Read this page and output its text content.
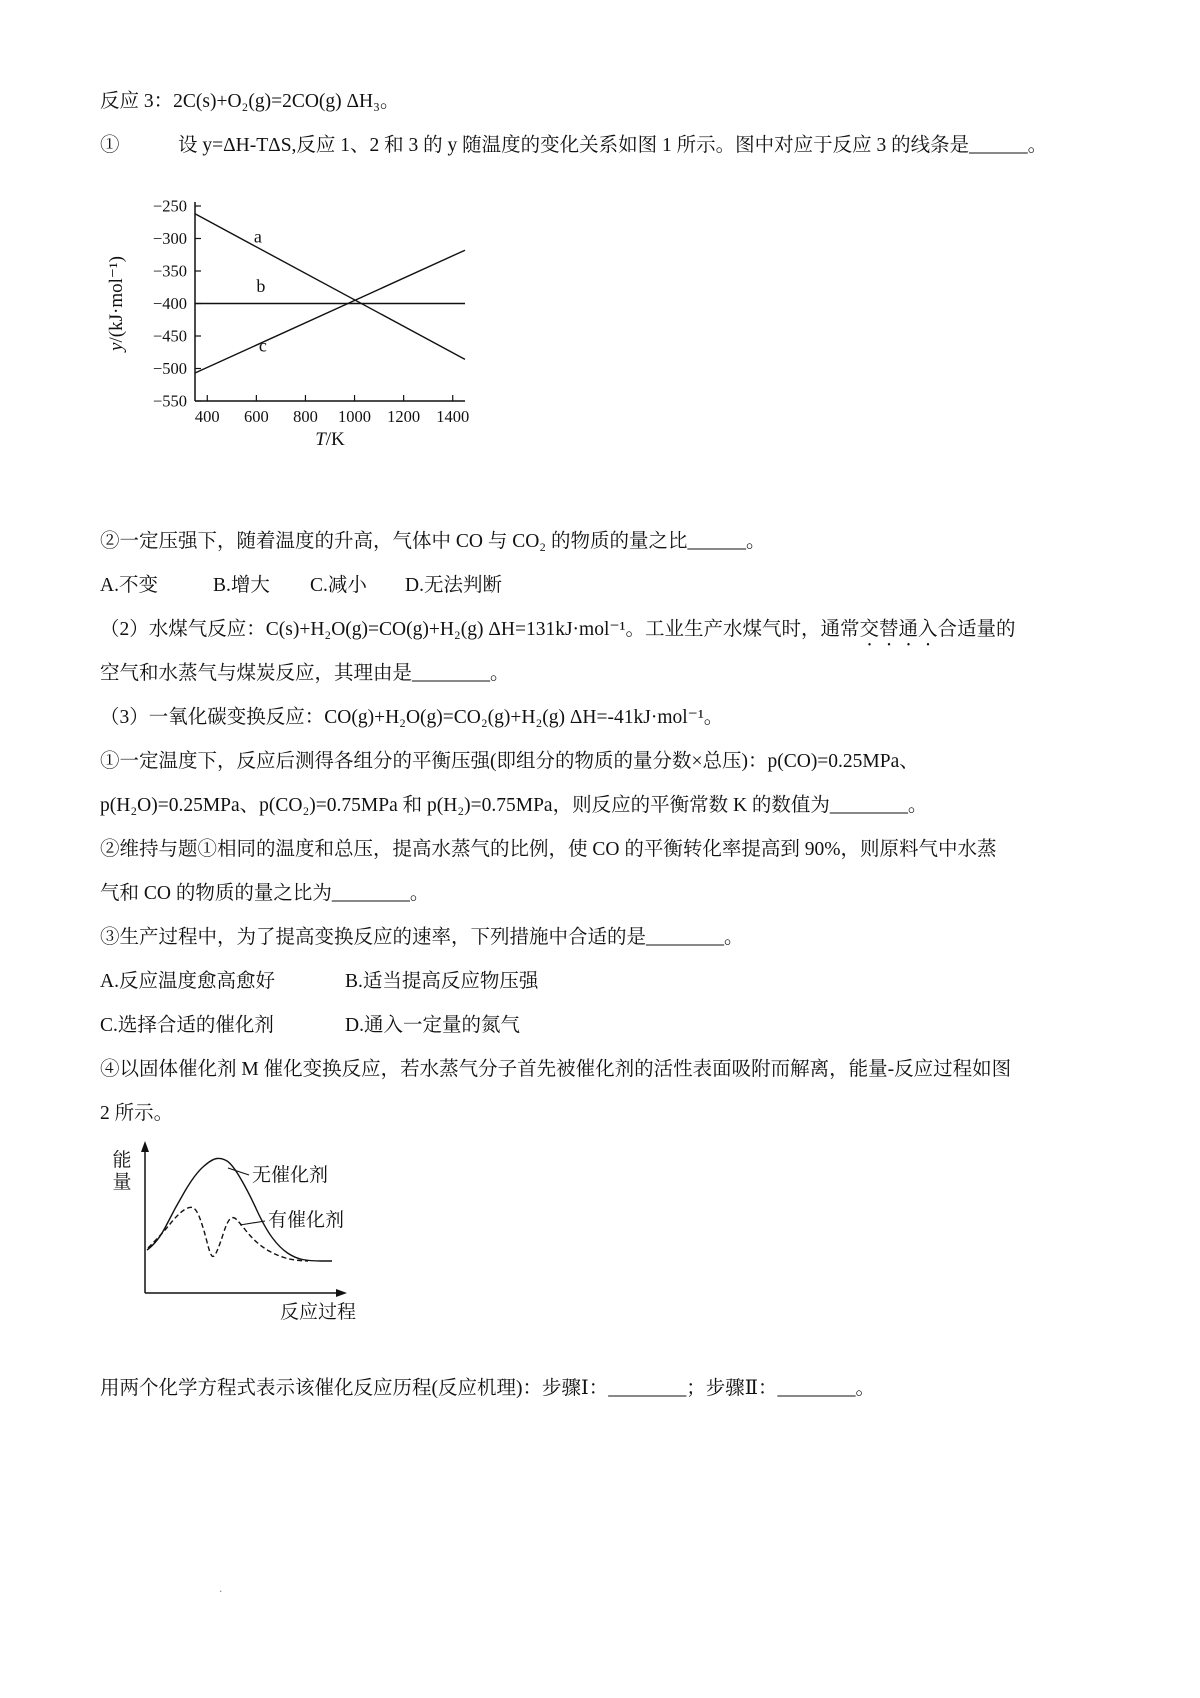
反应 3：2C(s)+O₂(g)=2CO(g) ΔH₃。

①　　　设 y=ΔH-TΔS,反应 1、2 和 3 的 y 随温度的变化关系如图 1 所示。图中对应于反应 3 的线条是______。

−250
−300
−350
−400
−450
−500
−550
400 600 800 1000 1200 1400
a
b
c
T/K
y/(kJ·mol⁻¹)

②一定压强下，随着温度的升高，气体中 CO 与 CO₂ 的物质的量之比______。

A.不变	B.增大	C.减小	D.无法判断

（2）水煤气反应：C(s)+H₂O(g)=CO(g)+H₂(g) ΔH=131kJ·mol⁻¹。工业生产水煤气时，通常交替通入合适量的

空气和水蒸气与煤炭反应，其理由是________。

（3）一氧化碳变换反应：CO(g)+H₂O(g)=CO₂(g)+H₂(g) ΔH=-41kJ·mol⁻¹。

①一定温度下，反应后测得各组分的平衡压强(即组分的物质的量分数×总压)：p(CO)=0.25MPa、

p(H₂O)=0.25MPa、p(CO₂)=0.75MPa 和 p(H₂)=0.75MPa，则反应的平衡常数 K 的数值为________。

②维持与题①相同的温度和总压，提高水蒸气的比例，使 CO 的平衡转化率提高到 90%，则原料气中水蒸

气和 CO 的物质的量之比为________。

③生产过程中，为了提高变换反应的速率，下列措施中合适的是________。

A.反应温度愈高愈好	B.适当提高反应物压强

C.选择合适的催化剂	D.通入一定量的氮气

④以固体催化剂 M 催化变换反应，若水蒸气分子首先被催化剂的活性表面吸附而解离，能量-反应过程如图

2 所示。

无催化剂
有催化剂
能
量
反应过程

用两个化学方程式表示该催化反应历程(反应机理)：步骤Ⅰ：________；步骤Ⅱ：________。

.
